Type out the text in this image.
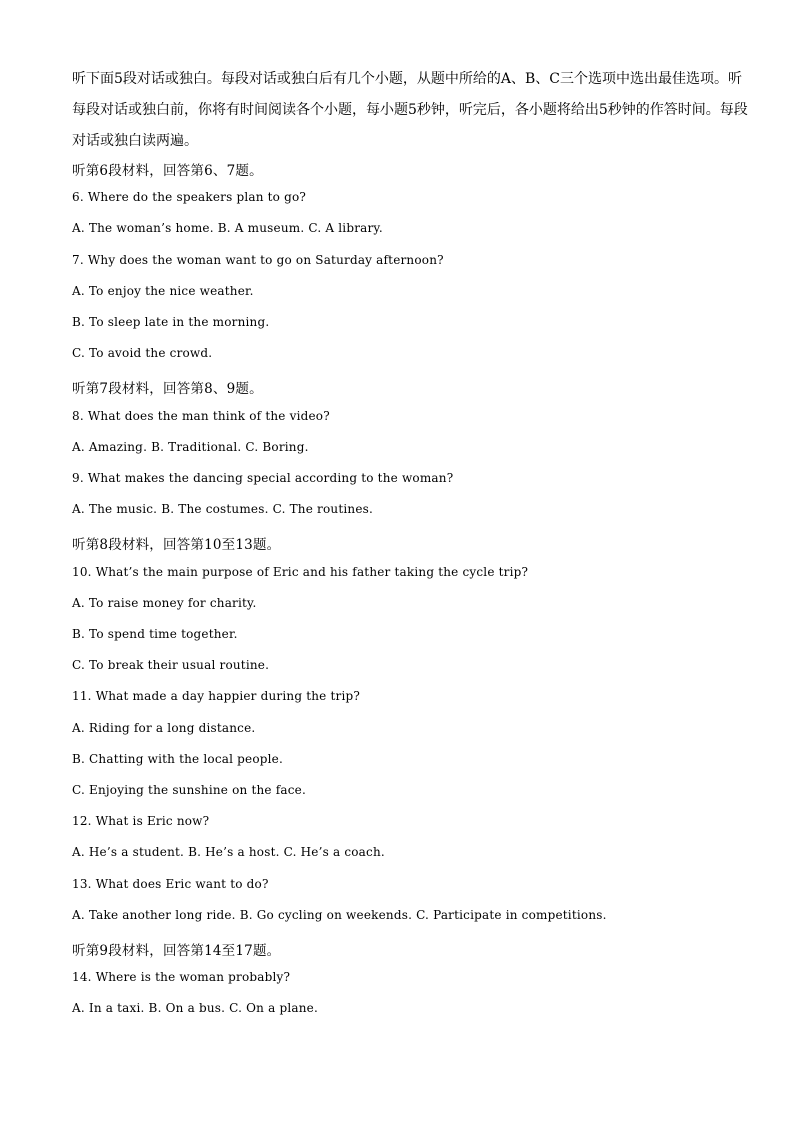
听下面5段对话或独白。每段对话或独白后有几个小题，从题中所给的A、B、C三个选项中选出最佳选项。听每段对话或独白前，你将有时间阅读各个小题，每小题5秒钟，听完后，各小题将给出5秒钟的作答时间。每段对话或独白读两遍。
听第6段材料，回答第6、7题。
6. Where do the speakers plan to go?
A. The woman’s home. B. A museum. C. A library.
7. Why does the woman want to go on Saturday afternoon?
A. To enjoy the nice weather.
B. To sleep late in the morning.
C. To avoid the crowd.
听第7段材料，回答第8、9题。
8. What does the man think of the video?
A. Amazing. B. Traditional. C. Boring.
9. What makes the dancing special according to the woman?
A. The music. B. The costumes. C. The routines.
听第8段材料，回答第10至13题。
10. What’s the main purpose of Eric and his father taking the cycle trip?
A. To raise money for charity.
B. To spend time together.
C. To break their usual routine.
11. What made a day happier during the trip?
A. Riding for a long distance.
B. Chatting with the local people.
C. Enjoying the sunshine on the face.
12. What is Eric now?
A. He’s a student. B. He’s a host. C. He’s a coach.
13. What does Eric want to do?
A. Take another long ride. B. Go cycling on weekends. C. Participate in competitions.
听第9段材料，回答第14至17题。
14. Where is the woman probably?
A. In a taxi. B. On a bus. C. On a plane.
